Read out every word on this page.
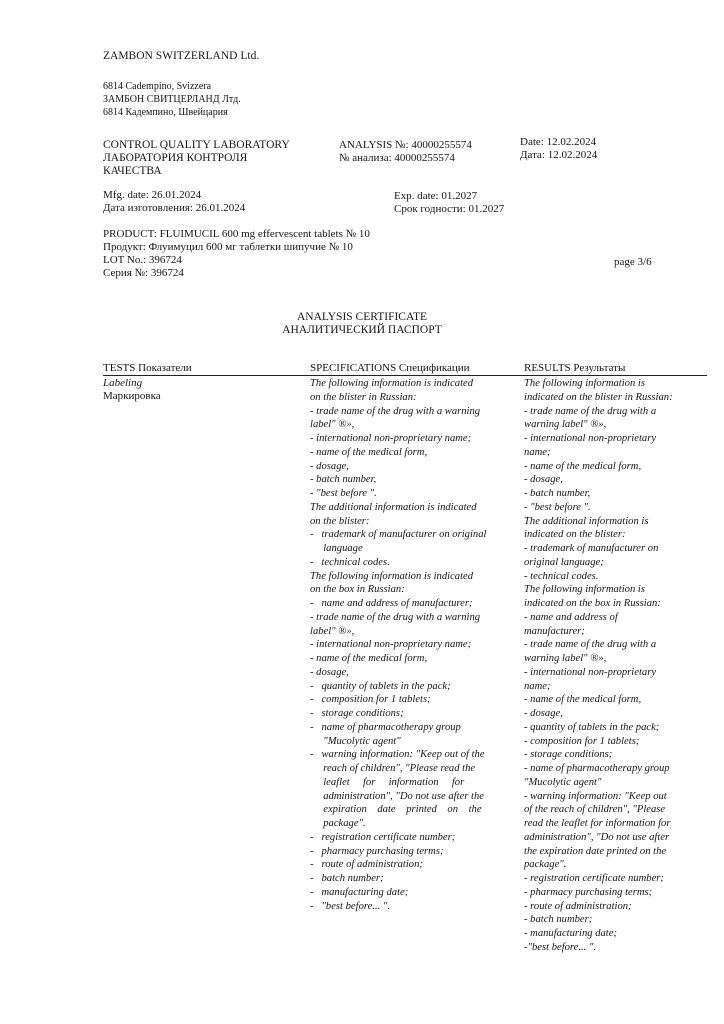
ZAMBON SWITZERLAND Ltd.
6814 Cadempino, Svizzera
ЗАМБОН СВИТЦЕРЛАНД Лтд.
6814 Кадемпино, Швейцария
CONTROL QUALITY LABORATORY
ЛАБОРАТОРИЯ КОНТРОЛЯ
КАЧЕСТВА
ANALYSIS №: 40000255574
№ анализа: 40000255574
Date: 12.02.2024
Дата: 12.02.2024
Mfg. date: 26.01.2024
Дата изготовления: 26.01.2024
Exp. date: 01.2027
Срок годности: 01.2027
PRODUCT: FLUIMUCIL 600 mg effervescent tablets № 10
Продукт: Флуимуцил 600 мг таблетки шипучие № 10
LOT No.: 396724
Серия №: 396724
page 3/6
ANALYSIS CERTIFICATE
АНАЛИТИЧЕСКИЙ ПАСПОРТ
TESTS Показатели	SPECIFICATIONS Спецификации	RESULTS Результаты
Labeling
Маркировка
The following information is indicated
on the blister in Russian:
- trade name of the drug with a warning
label" ®»,
- international non-proprietary name;
- name of the medical form,
- dosage,
- batch number,
- "best before ".
The additional information is indicated
on the blister:
-   trademark of manufacturer on original
language
-   technical codes.
The following information is indicated
on the box in Russian:
-   name and address of manufacturer;
- trade name of the drug with a warning
label" ®»,
- international non-proprietary name;
- name of the medical form,
- dosage,
-   quantity of tablets in the pack;
-   composition for 1 tablets;
-   storage conditions;
-   name of pharmacotherapy group
"Mucolytic agent"
-   warning information: "Keep out of the
reach of children", "Please read the
leaflet     for     information     for
administration", "Do not use after the
expiration    date    printed    on    the
package".
-   registration certificate number;
-   pharmacy purchasing terms;
-   route of administration;
-   batch number;
-   manufacturing date;
-   "best before... ".
The following information is
indicated on the blister in Russian:
- trade name of the drug with a
warning label" ®»,
- international non-proprietary
name;
- name of the medical form,
- dosage,
- batch number,
- "best before ".
The additional information is
indicated on the blister:
- trademark of manufacturer on
original language;
- technical codes.
The following information is
indicated on the box in Russian:
- name and address of
manufacturer;
- trade name of the drug with a
warning label" ®»,
- international non-proprietary
name;
- name of the medical form,
- dosage,
- quantity of tablets in the pack;
- composition for 1 tablets;
- storage conditions;
- name of pharmacotherapy group
"Mucolytic agent"
- warning information: "Keep out
of the reach of children", "Please
read the leaflet for information for
administration", "Do not use after
the expiration date printed on the
package".
- registration certificate number;
- pharmacy purchasing terms;
- route of administration;
- batch number;
- manufacturing date;
-"best before... ".
